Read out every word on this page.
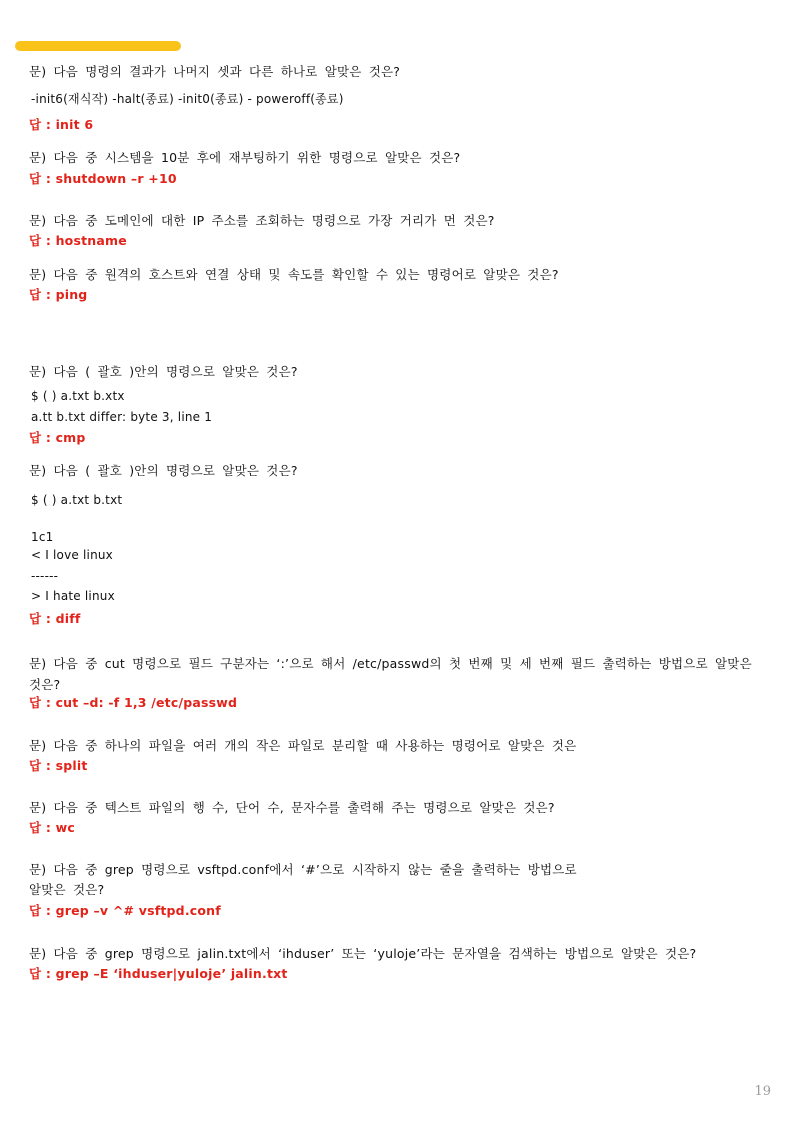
문) 다음 명령의 결과가 나머지 셋과 다른 하나로 알맞은 것은?
-init6(재식작) -halt(종료) -init0(종료) - poweroff(종료)
답 : init 6
문) 다음 중 시스템을 10분 후에 재부팅하기 위한 명령으로 알맞은 것은?
답 : shutdown –r +10
문) 다음 중 도메인에 대한 IP 주소를 조회하는 명령으로 가장 거리가 먼 것은?
답 : hostname
문) 다음 중 원격의 호스트와 연결 상태 및 속도를 확인할 수 있는 명령어로 알맞은 것은?
답 : ping
문) 다음 ( 괄호 )안의 명령으로 알맞은 것은?
$ ( ) a.txt b.xtx
a.tt b.txt differ: byte 3, line 1
답 : cmp
문) 다음 ( 괄호 )안의 명령으로 알맞은 것은?
$ ( ) a.txt b.txt
1c1
< I love linux
------
> I hate linux
답 : diff
문) 다음 중 cut 명령으로 필드 구분자는 ‘:’으로 해서 /etc/passwd의 첫 번째 및 세 번째 필드 출력하는 방법으로 알맞은 것은?
답 : cut –d: -f 1,3 /etc/passwd
문) 다음 중 하나의 파일을 여러 개의 작은 파일로 분리할 때 사용하는 명령어로 알맞은 것은
답 : split
문) 다음 중 텍스트 파일의 행 수, 단어 수, 문자수를 출력해 주는 명령으로 알맞은 것은?
답 : wc
문) 다음 중 grep 명령으로 vsftpd.conf에서 ‘#’으로 시작하지 않는 줄을 출력하는 방법으로
알맞은 것은?
답 : grep –v ^# vsftpd.conf
문) 다음 중 grep 명령으로 jalin.txt에서 ‘ihduser’ 또는 ‘yuloje’라는 문자열을 검색하는 방법으로 알맞은 것은?
답 : grep –E ‘ihduser|yuloje’ jalin.txt
19
